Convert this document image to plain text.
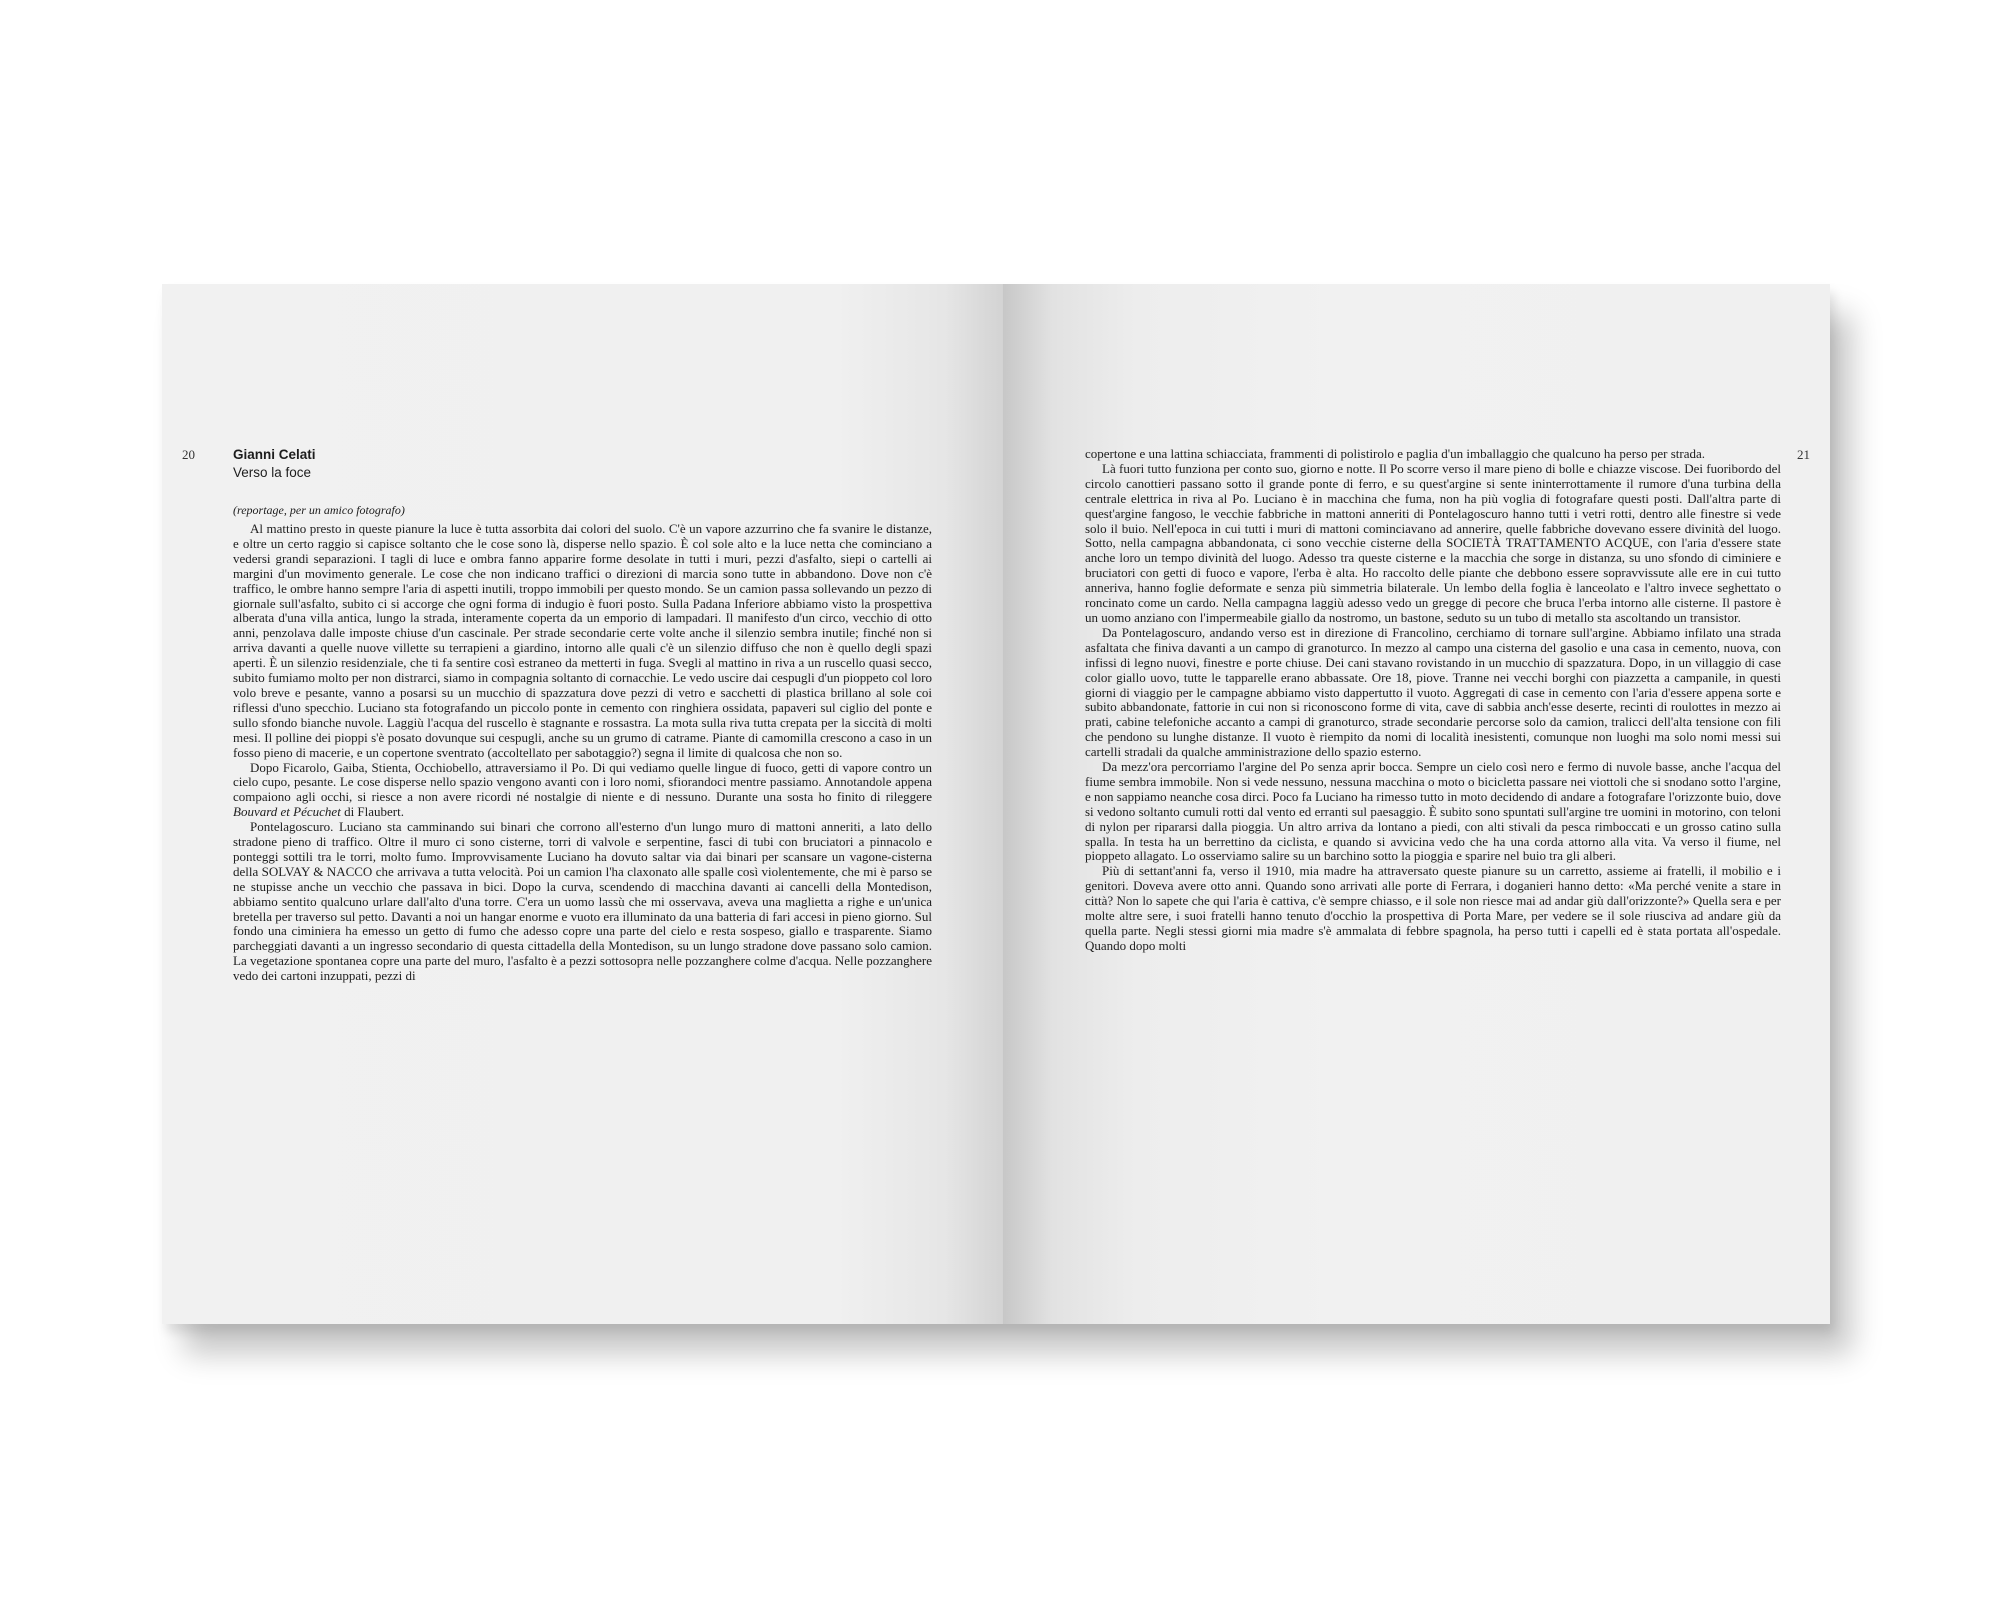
20	Gianni Celati
Verso la foce
(reportage, per un amico fotografo)

Al mattino presto in queste pianure la luce è tutta assorbita dai colori del suolo. C'è un vapore azzurrino che fa svanire le distanze, e oltre un certo raggio si capisce soltanto che le cose sono là, disperse nello spazio. È col sole alto e la luce netta che cominciano a vedersi grandi separazioni. I tagli di luce e ombra fanno apparire forme desolate in tutti i muri, pezzi d'asfalto, siepi o cartelli ai margini d'un movimento generale. Le cose che non indicano traffici o direzioni di marcia sono tutte in abbandono. Dove non c'è traffico, le ombre hanno sempre l'aria di aspetti inutili, troppo immobili per questo mondo. Se un camion passa sollevando un pezzo di giornale sull'asfalto, subito ci si accorge che ogni forma di indugio è fuori posto. Sulla Padana Inferiore abbiamo visto la prospettiva alberata d'una villa antica, lungo la strada, interamente coperta da un emporio di lampadari. Il manifesto d'un circo, vecchio di otto anni, penzolava dalle imposte chiuse d'un cascinale. Per strade secondarie certe volte anche il silenzio sembra inutile; finché non si arriva davanti a quelle nuove villette su terrapieni a giardino, intorno alle quali c'è un silenzio diffuso che non è quello degli spazi aperti. È un silenzio residenziale, che ti fa sentire così estraneo da metterti in fuga. Svegli al mattino in riva a un ruscello quasi secco, subito fumiamo molto per non distrarci, siamo in compagnia soltanto di cornacchie. Le vedo uscire dai cespugli d'un pioppeto col loro volo breve e pesante, vanno a posarsi su un mucchio di spazzatura dove pezzi di vetro e sacchetti di plastica brillano al sole coi riflessi d'uno specchio. Luciano sta fotografando un piccolo ponte in cemento con ringhiera ossidata, papaveri sul ciglio del ponte e sullo sfondo bianche nuvole. Laggiù l'acqua del ruscello è stagnante e rossastra. La mota sulla riva tutta crepata per la siccità di molti mesi. Il polline dei pioppi s'è posato dovunque sui cespugli, anche su un grumo di catrame. Piante di camomilla crescono a caso in un fosso pieno di macerie, e un copertone sventrato (accoltellato per sabotaggio?) segna il limite di qualcosa che non so.

Dopo Ficarolo, Gaiba, Stienta, Occhiobello, attraversiamo il Po. Di qui vediamo quelle lingue di fuoco, getti di vapore contro un cielo cupo, pesante. Le cose disperse nello spazio vengono avanti con i loro nomi, sfiorandoci mentre passiamo. Annotandole appena compaiono agli occhi, si riesce a non avere ricordi né nostalgie di niente e di nessuno. Durante una sosta ho finito di rileggere Bouvard et Pécuchet di Flaubert.

Pontelagoscuro. Luciano sta camminando sui binari che corrono all'esterno d'un lungo muro di mattoni anneriti, a lato dello stradone pieno di traffico. Oltre il muro ci sono cisterne, torri di valvole e serpentine, fasci di tubi con bruciatori a pinnacolo e ponteggi sottili tra le torri, molto fumo. Improvvisamente Luciano ha dovuto saltar via dai binari per scansare un vagone-cisterna della SOLVAY & NACCO che arrivava a tutta velocità. Poi un camion l'ha claxonato alle spalle così violentemente, che mi è parso se ne stupisse anche un vecchio che passava in bici. Dopo la curva, scendendo di macchina davanti ai cancelli della Montedison, abbiamo sentito qualcuno urlare dall'alto d'una torre. C'era un uomo lassù che mi osservava, aveva una maglietta a righe e un'unica bretella per traverso sul petto. Davanti a noi un hangar enorme e vuoto era illuminato da una batteria di fari accesi in pieno giorno. Sul fondo una ciminiera ha emesso un getto di fumo che adesso copre una parte del cielo e resta sospeso, giallo e trasparente. Siamo parcheggiati davanti a un ingresso secondario di questa cittadella della Montedison, su un lungo stradone dove passano solo camion. La vegetazione spontanea copre una parte del muro, l'asfalto è a pezzi sottosopra nelle pozzanghere colme d'acqua. Nelle pozzanghere vedo dei cartoni inzuppati, pezzi di

21

copertone e una lattina schiacciata, frammenti di polistirolo e paglia d'un imballaggio che qualcuno ha perso per strada.

Là fuori tutto funziona per conto suo, giorno e notte. Il Po scorre verso il mare pieno di bolle e chiazze viscose. Dei fuoribordo del circolo canottieri passano sotto il grande ponte di ferro, e su quest'argine si sente ininterrottamente il rumore d'una turbina della centrale elettrica in riva al Po. Luciano è in macchina che fuma, non ha più voglia di fotografare questi posti. Dall'altra parte di quest'argine fangoso, le vecchie fabbriche in mattoni anneriti di Pontelagoscuro hanno tutti i vetri rotti, dentro alle finestre si vede solo il buio. Nell'epoca in cui tutti i muri di mattoni cominciavano ad annerire, quelle fabbriche dovevano essere divinità del luogo. Sotto, nella campagna abbandonata, ci sono vecchie cisterne della SOCIETÀ TRATTAMENTO ACQUE, con l'aria d'essere state anche loro un tempo divinità del luogo. Adesso tra queste cisterne e la macchia che sorge in distanza, su uno sfondo di ciminiere e bruciatori con getti di fuoco e vapore, l'erba è alta. Ho raccolto delle piante che debbono essere sopravvissute alle ere in cui tutto anneriva, hanno foglie deformate e senza più simmetria bilaterale. Un lembo della foglia è lanceolato e l'altro invece seghettato o roncinato come un cardo. Nella campagna laggiù adesso vedo un gregge di pecore che bruca l'erba intorno alle cisterne. Il pastore è un uomo anziano con l'impermeabile giallo da nostromo, un bastone, seduto su un tubo di metallo sta ascoltando un transistor.

Da Pontelagoscuro, andando verso est in direzione di Francolino, cerchiamo di tornare sull'argine. Abbiamo infilato una strada asfaltata che finiva davanti a un campo di granoturco. In mezzo al campo una cisterna del gasolio e una casa in cemento, nuova, con infissi di legno nuovi, finestre e porte chiuse. Dei cani stavano rovistando in un mucchio di spazzatura. Dopo, in un villaggio di case color giallo uovo, tutte le tapparelle erano abbassate. Ore 18, piove. Tranne nei vecchi borghi con piazzetta a campanile, in questi giorni di viaggio per le campagne abbiamo visto dappertutto il vuoto. Aggregati di case in cemento con l'aria d'essere appena sorte e subito abbandonate, fattorie in cui non si riconoscono forme di vita, cave di sabbia anch'esse deserte, recinti di roulottes in mezzo ai prati, cabine telefoniche accanto a campi di granoturco, strade secondarie percorse solo da camion, tralicci dell'alta tensione con fili che pendono su lunghe distanze. Il vuoto è riempito da nomi di località inesistenti, comunque non luoghi ma solo nomi messi sui cartelli stradali da qualche amministrazione dello spazio esterno.

Da mezz'ora percorriamo l'argine del Po senza aprir bocca. Sempre un cielo così nero e fermo di nuvole basse, anche l'acqua del fiume sembra immobile. Non si vede nessuno, nessuna macchina o moto o bicicletta passare nei viottoli che si snodano sotto l'argine, e non sappiamo neanche cosa dirci. Poco fa Luciano ha rimesso tutto in moto decidendo di andare a fotografare l'orizzonte buio, dove si vedono soltanto cumuli rotti dal vento ed erranti sul paesaggio. È subito sono spuntati sull'argine tre uomini in motorino, con teloni di nylon per ripararsi dalla pioggia. Un altro arriva da lontano a piedi, con alti stivali da pesca rimboccati e un grosso catino sulla spalla. In testa ha un berrettino da ciclista, e quando si avvicina vedo che ha una corda attorno alla vita. Va verso il fiume, nel pioppeto allagato. Lo osserviamo salire su un barchino sotto la pioggia e sparire nel buio tra gli alberi.

Più di settant'anni fa, verso il 1910, mia madre ha attraversato queste pianure su un carretto, assieme ai fratelli, il mobilio e i genitori. Doveva avere otto anni. Quando sono arrivati alle porte di Ferrara, i doganieri hanno detto: «Ma perché venite a stare in città? Non lo sapete che qui l'aria è cattiva, c'è sempre chiasso, e il sole non riesce mai ad andar giù dall'orizzonte?» Quella sera e per molte altre sere, i suoi fratelli hanno tenuto d'occhio la prospettiva di Porta Mare, per vedere se il sole riusciva ad andare giù da quella parte. Negli stessi giorni mia madre s'è ammalata di febbre spagnola, ha perso tutti i capelli ed è stata portata all'ospedale. Quando dopo molti
